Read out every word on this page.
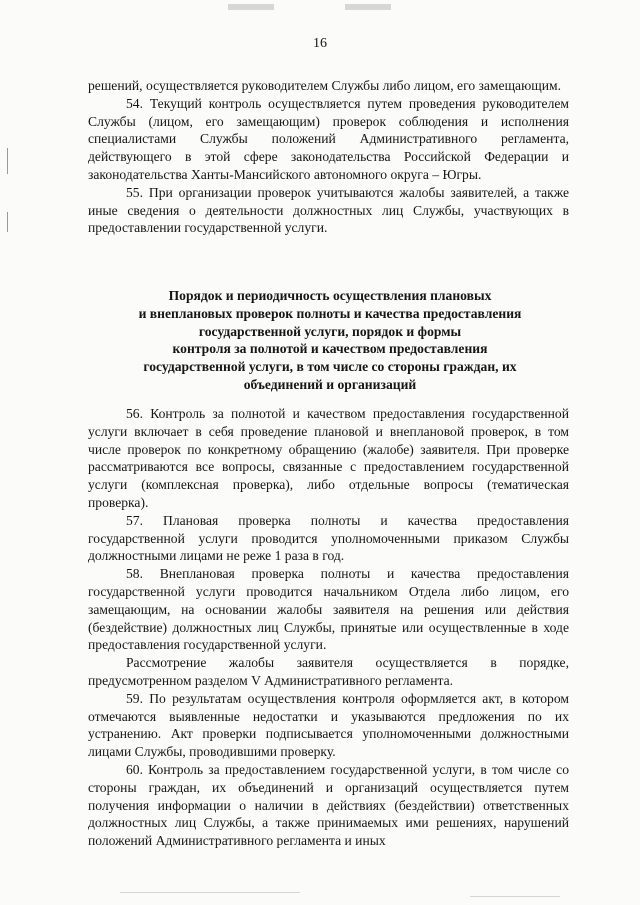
16

решений, осуществляется руководителем Службы либо лицом, его замещающим.

54. Текущий контроль осуществляется путем проведения руководителем Службы (лицом, его замещающим) проверок соблюдения и исполнения специалистами Службы положений Административного регламента, действующего в этой сфере законодательства Российской Федерации и законодательства Ханты-Мансийского автономного округа – Югры.

55. При организации проверок учитываются жалобы заявителей, а также иные сведения о деятельности должностных лиц Службы, участвующих в предоставлении государственной услуги.

Порядок и периодичность осуществления плановых
и внеплановых проверок полноты и качества предоставления
государственной услуги, порядок и формы
контроля за полнотой и качеством предоставления
государственной услуги, в том числе со стороны граждан, их
объединений и организаций

56. Контроль за полнотой и качеством предоставления государственной услуги включает в себя проведение плановой и внеплановой проверок, в том числе проверок по конкретному обращению (жалобе) заявителя. При проверке рассматриваются все вопросы, связанные с предоставлением государственной услуги (комплексная проверка), либо отдельные вопросы (тематическая проверка).

57. Плановая проверка полноты и качества предоставления государственной услуги проводится уполномоченными приказом Службы должностными лицами не реже 1 раза в год.

58. Внеплановая проверка полноты и качества предоставления государственной услуги проводится начальником Отдела либо лицом, его замещающим, на основании жалобы заявителя на решения или действия (бездействие) должностных лиц Службы, принятые или осуществленные в ходе предоставления государственной услуги.

Рассмотрение жалобы заявителя осуществляется в порядке, предусмотренном разделом V Административного регламента.

59. По результатам осуществления контроля оформляется акт, в котором отмечаются выявленные недостатки и указываются предложения по их устранению. Акт проверки подписывается уполномоченными должностными лицами Службы, проводившими проверку.

60. Контроль за предоставлением государственной услуги, в том числе со стороны граждан, их объединений и организаций осуществляется путем получения информации о наличии в действиях (бездействии) ответственных должностных лиц Службы, а также принимаемых ими решениях, нарушений положений Административного регламента и иных
